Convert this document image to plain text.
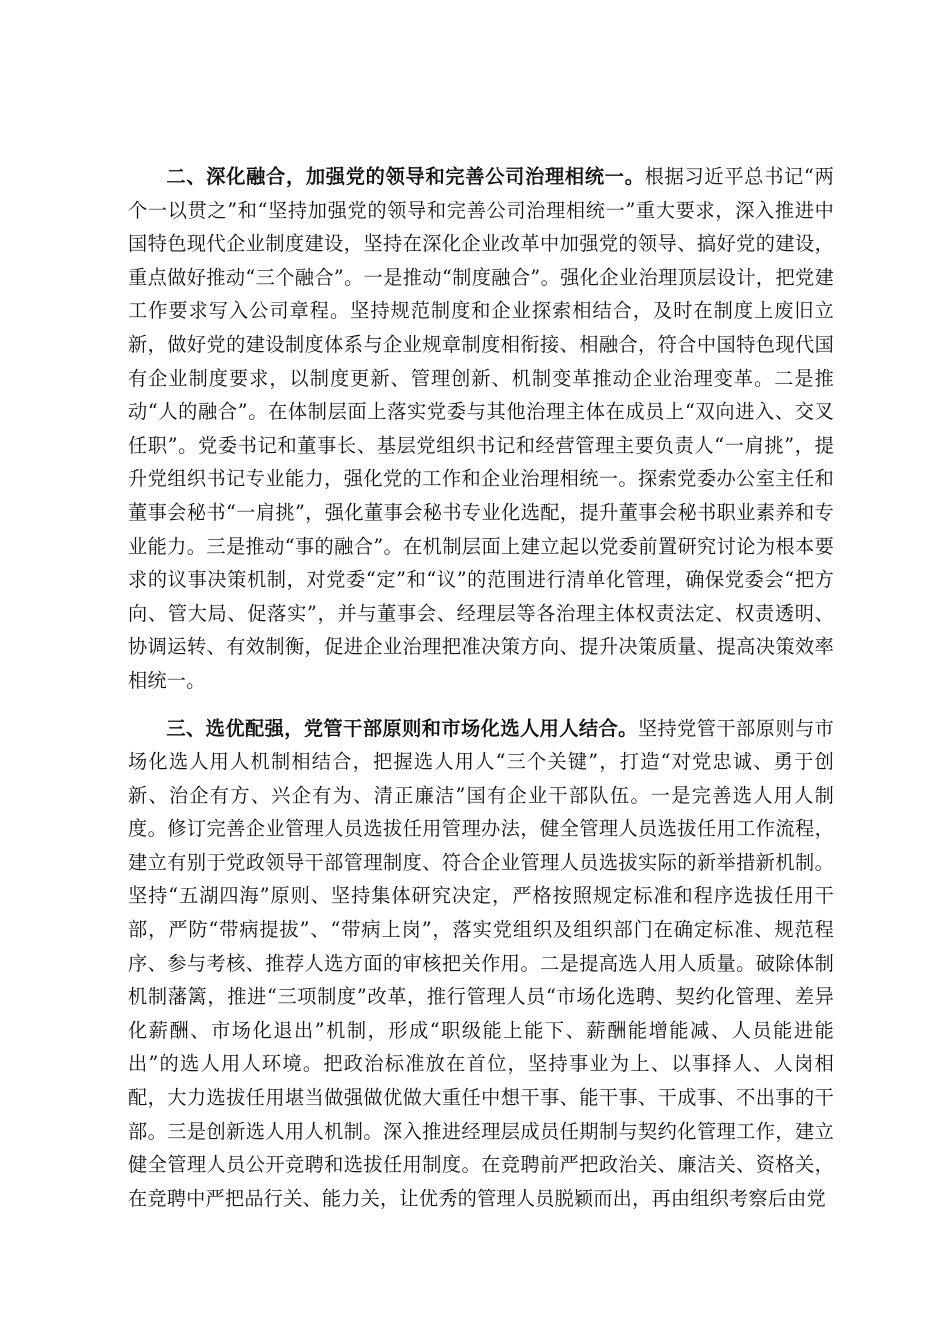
二、深化融合，加强党的领导和完善公司治理相统一。根据习近平总书记“两个一以贯之”和“坚持加强党的领导和完善公司治理相统一”重大要求，深入推进中国特色现代企业制度建设，坚持在深化企业改革中加强党的领导、搞好党的建设，重点做好推动“三个融合”。一是推动“制度融合”。强化企业治理顶层设计，把党建工作要求写入公司章程。坚持规范制度和企业探索相结合，及时在制度上废旧立新，做好党的建设制度体系与企业规章制度相衔接、相融合，符合中国特色现代国有企业制度要求，以制度更新、管理创新、机制变革推动企业治理变革。二是推动“人的融合”。在体制层面上落实党委与其他治理主体在成员上“双向进入、交叉任职”。党委书记和董事长、基层党组织书记和经营管理主要负责人“一肩挑”，提升党组织书记专业能力，强化党的工作和企业治理相统一。探索党委办公室主任和董事会秘书“一肩挑”，强化董事会秘书专业化选配，提升董事会秘书职业素养和专业能力。三是推动“事的融合”。在机制层面上建立起以党委前置研究讨论为根本要求的议事决策机制，对党委“定”和“议”的范围进行清单化管理，确保党委会“把方向、管大局、促落实”，并与董事会、经理层等各治理主体权责法定、权责透明、协调运转、有效制衡，促进企业治理把准决策方向、提升决策质量、提高决策效率相统一。

三、选优配强，党管干部原则和市场化选人用人结合。坚持党管干部原则与市场化选人用人机制相结合，把握选人用人“三个关键”，打造“对党忠诚、勇于创新、治企有方、兴企有为、清正廉洁”国有企业干部队伍。一是完善选人用人制度。修订完善企业管理人员选拔任用管理办法，健全管理人员选拔任用工作流程，建立有别于党政领导干部管理制度、符合企业管理人员选拔实际的新举措新机制。坚持“五湖四海”原则、坚持集体研究决定，严格按照规定标准和程序选拔任用干部，严防“带病提拔”、“带病上岗”，落实党组织及组织部门在确定标准、规范程序、参与考核、推荐人选方面的审核把关作用。二是提高选人用人质量。破除体制机制藩篱，推进“三项制度”改革，推行管理人员“市场化选聘、契约化管理、差异化薪酬、市场化退出”机制，形成“职级能上能下、薪酬能增能减、人员能进能出”的选人用人环境。把政治标准放在首位，坚持事业为上、以事择人、人岗相配，大力选拔任用堪当做强做优做大重任中想干事、能干事、干成事、不出事的干部。三是创新选人用人机制。深入推进经理层成员任期制与契约化管理工作，建立健全管理人员公开竞聘和选拔任用制度。在竞聘前严把政治关、廉洁关、资格关，在竞聘中严把品行关、能力关，让优秀的管理人员脱颖而出，再由组织考察后由党
